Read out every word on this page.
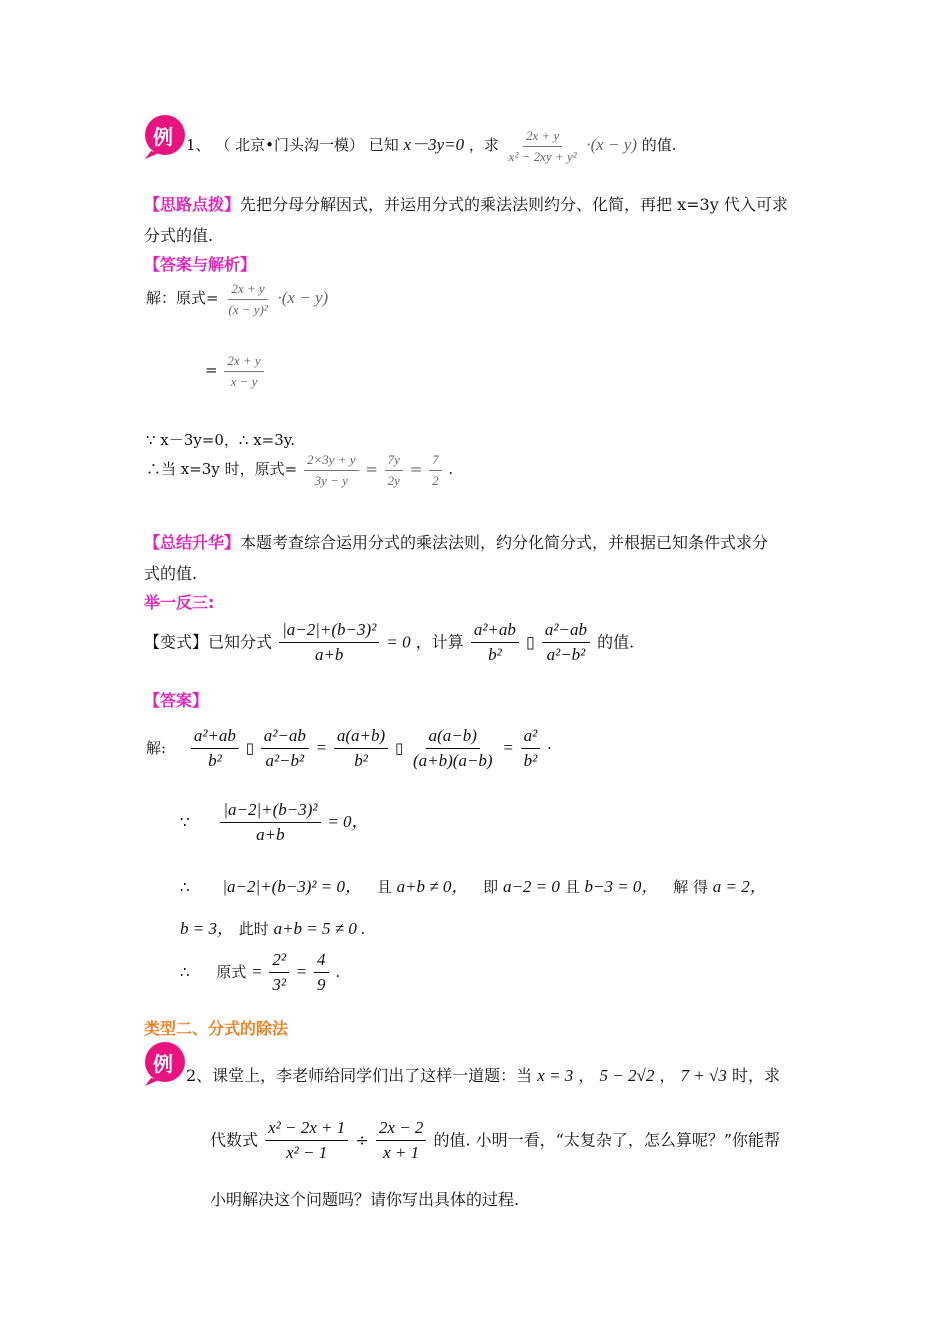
例 1、 （ 北京•门头沟一模） 已知 x－3y=0 ，求 $\frac{2x + y}{\text{x² − 2xy + y²}} \cdot(x - y)$ 的值.
【思路点拨】先把分母分解因式，并运用分式的乘法法则约分、化简，再把 x=3y 代入可求
分式的值.
【答案与解析】
解：原式= $\frac{2x + y}{\text{(x − y)²}} \cdot(x - y)$
= $\frac{2x + y}{x - y}$
∵ x－3y=0，∴ x=3y.
∴当 x=3y 时，原式= $\frac{2\times 3y + y}{3y - y} = \frac{7y}{2y} = \frac{7}{2}$ .
【总结升华】本题考查综合运用分式的乘法法则，约分化简分式，并根据已知条件式求分
式的值.
举一反三:
【变式】已知分式 $\frac{\text{|a−2|+(b−3)²}}{a+b} = 0$ ，计算 $\frac{\text{a²+ab}}{\text{b²}}$ ▯ $\frac{\text{a²−ab}}{\text{a²−b²}}$ 的值.
【答案】
解: $\frac{\text{a²+ab}}{\text{b²}}$ ▯ $\frac{\text{a²−ab}}{\text{a²−b²}} = \frac{a(a+b)}{\text{b²}}$ ▯ $\frac{a(a-b)}{(a+b)(a-b)} = \frac{\text{a²}}{\text{b²}}$ ·
∵ $\frac{\text{|a−2|+(b−3)²}}{a+b} = 0$，
∴ |a−2|+(b−3)² = 0， 且 a+b ≠ 0， 即 a−2 = 0 且 b−3 = 0， 解 得 a = 2，
b = 3， 此时 a+b = 5 ≠ 0 .
∴ 原式 = $\frac{\text{2²}}{\text{3²}} = \frac{4}{9}$ .
类型二、分式的除法
例 2、课堂上，李老师给同学们出了这样一道题：当 x = 3 ， 5 − 2√2 ， 7 + √3 时，求
代数式 $\frac{\text{x² − 2x + 1}}{\text{x² − 1}} \div \frac{2x - 2}{x + 1}$ 的值. 小明一看，“太复杂了，怎么算呢？”你能帮
小明解决这个问题吗？请你写出具体的过程.
